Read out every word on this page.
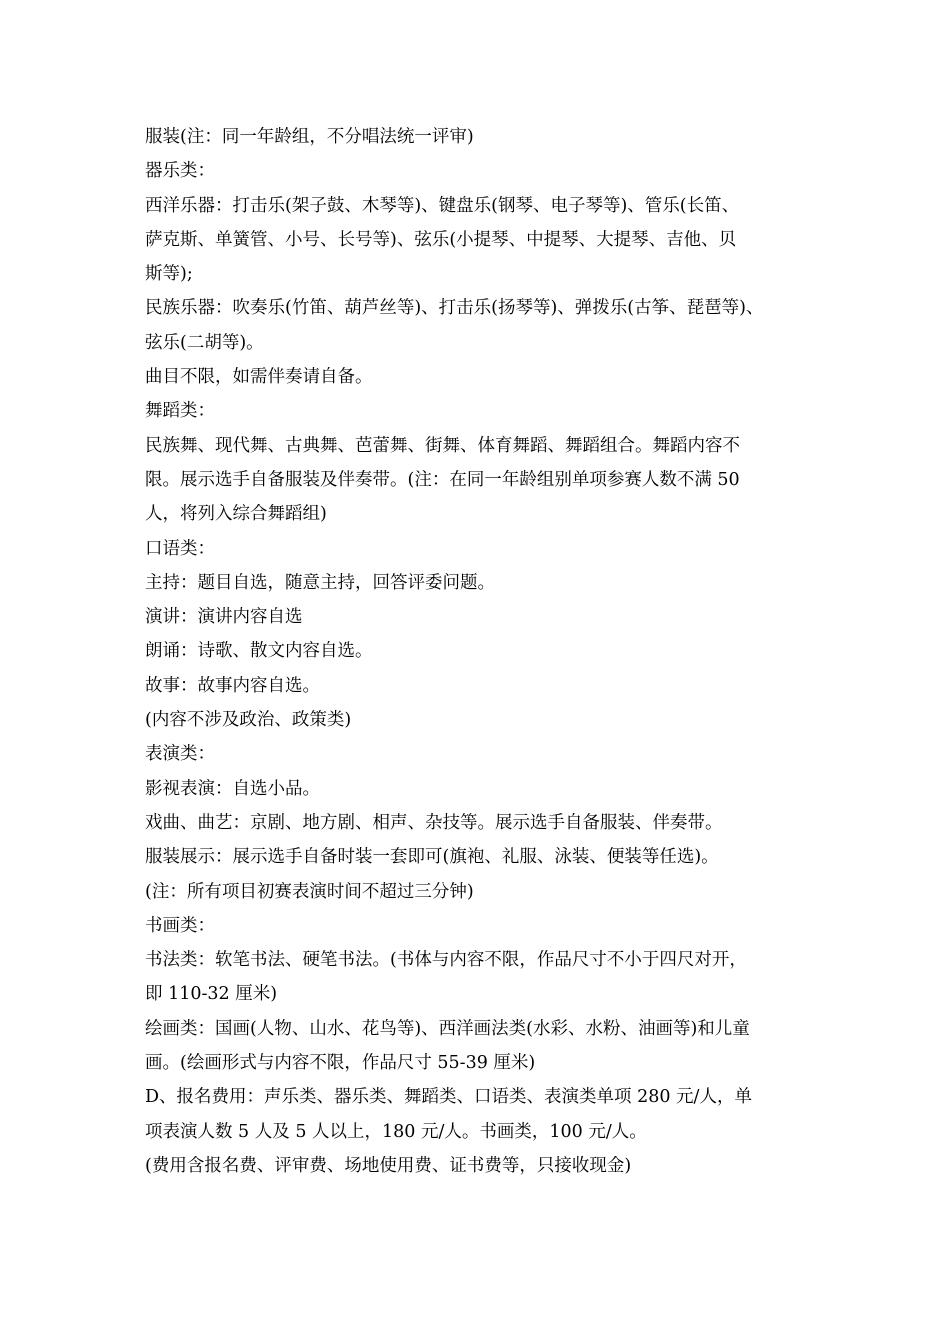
服装(注：同一年龄组，不分唱法统一评审)
器乐类：
西洋乐器：打击乐(架子鼓、木琴等)、键盘乐(钢琴、电子琴等)、管乐(长笛、
萨克斯、单簧管、小号、长号等)、弦乐(小提琴、中提琴、大提琴、吉他、贝
斯等);
民族乐器：吹奏乐(竹笛、葫芦丝等)、打击乐(扬琴等)、弹拨乐(古筝、琵琶等)、
弦乐(二胡等)。
曲目不限，如需伴奏请自备。
舞蹈类：
民族舞、现代舞、古典舞、芭蕾舞、街舞、体育舞蹈、舞蹈组合。舞蹈内容不
限。展示选手自备服装及伴奏带。(注：在同一年龄组别单项参赛人数不满 50
人，将列入综合舞蹈组)
口语类：
主持：题目自选，随意主持，回答评委问题。
演讲：演讲内容自选
朗诵：诗歌、散文内容自选。
故事：故事内容自选。
(内容不涉及政治、政策类)
表演类：
影视表演：自选小品。
戏曲、曲艺：京剧、地方剧、相声、杂技等。展示选手自备服装、伴奏带。
服装展示：展示选手自备时装一套即可(旗袍、礼服、泳装、便装等任选)。
(注：所有项目初赛表演时间不超过三分钟)
书画类：
书法类：软笔书法、硬笔书法。(书体与内容不限，作品尺寸不小于四尺对开，
即 110-32 厘米)
绘画类：国画(人物、山水、花鸟等)、西洋画法类(水彩、水粉、油画等)和儿童
画。(绘画形式与内容不限，作品尺寸 55-39 厘米)
D、报名费用：声乐类、器乐类、舞蹈类、口语类、表演类单项 280 元/人，单
项表演人数 5 人及 5 人以上，180 元/人。书画类，100 元/人。
(费用含报名费、评审费、场地使用费、证书费等，只接收现金)
